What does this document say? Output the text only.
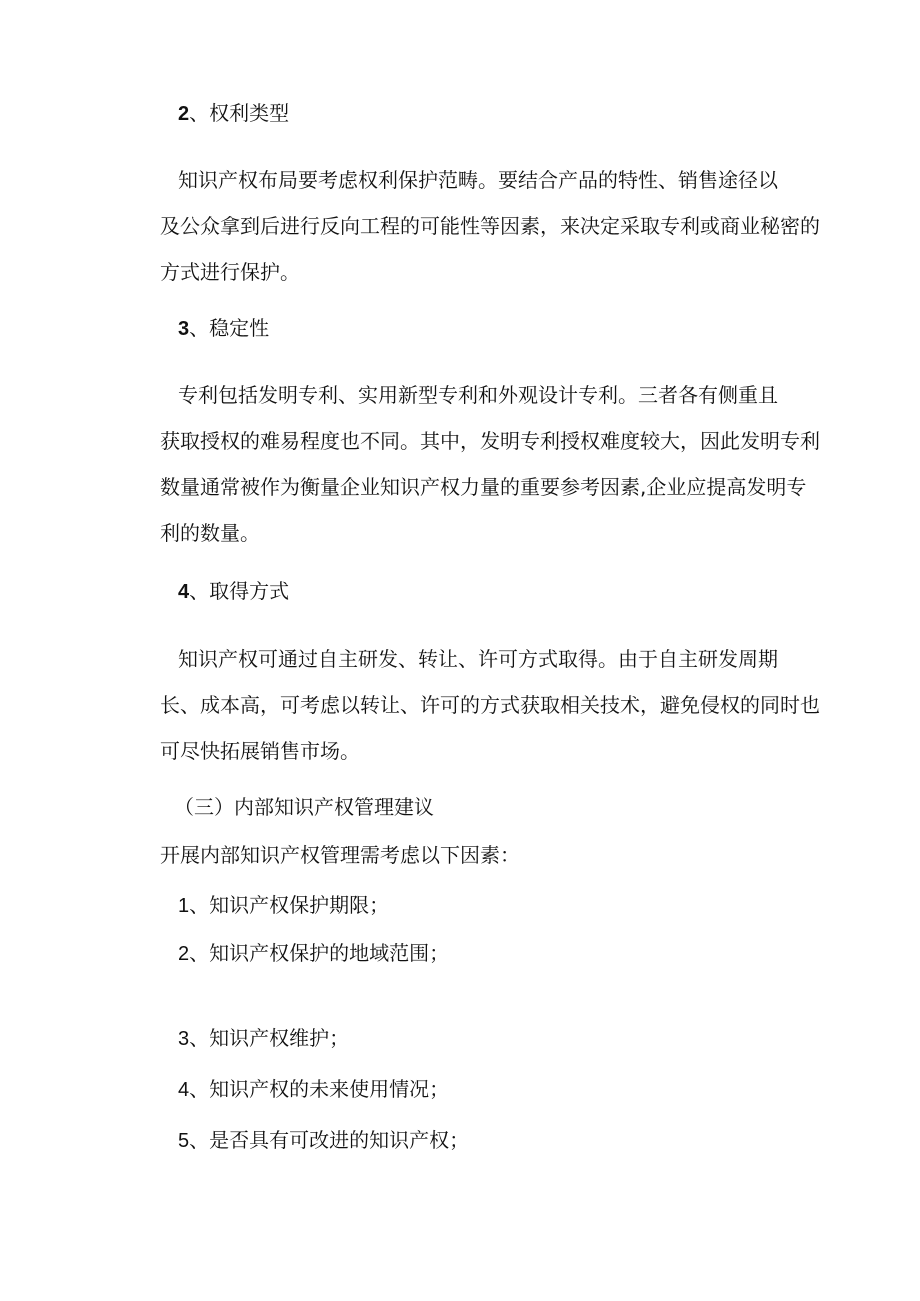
2、权利类型
知识产权布局要考虑权利保护范畴。要结合产品的特性、销售途径以
及公众拿到后进行反向工程的可能性等因素，来决定采取专利或商业秘密的
方式进行保护。
3、稳定性
专利包括发明专利、实用新型专利和外观设计专利。三者各有侧重且
获取授权的难易程度也不同。其中，发明专利授权难度较大，因此发明专利
数量通常被作为衡量企业知识产权力量的重要参考因素,企业应提高发明专
利的数量。
4、取得方式
知识产权可通过自主研发、转让、许可方式取得。由于自主研发周期
长、成本高，可考虑以转让、许可的方式获取相关技术，避免侵权的同时也
可尽快拓展销售市场。
（三）内部知识产权管理建议
开展内部知识产权管理需考虑以下因素：
1、知识产权保护期限；
2、知识产权保护的地域范围；
3、知识产权维护；
4、知识产权的未来使用情况；
5、是否具有可改进的知识产权；
